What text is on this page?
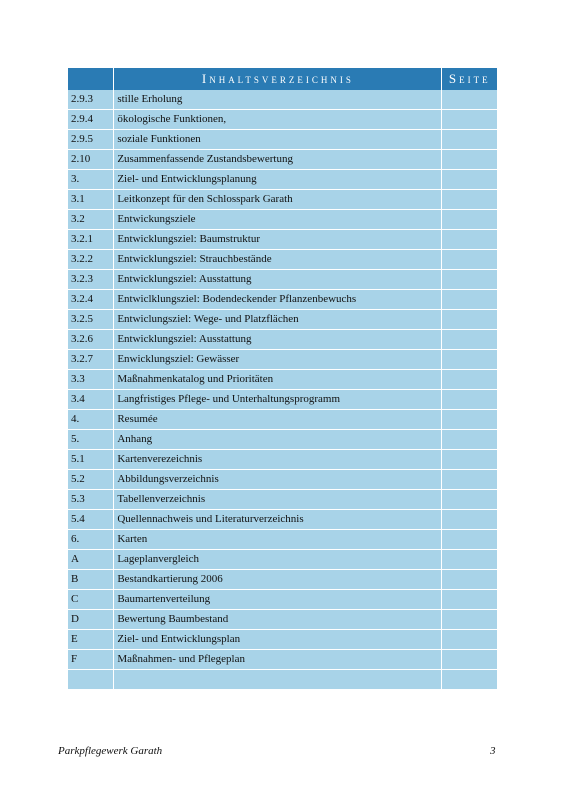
	Inhaltsverzeichnis	Seite
2.9.3	stille Erholung	
2.9.4	ökologische Funktionen,	
2.9.5	soziale Funktionen	
2.10	Zusammenfassende Zustandsbewertung	
3.	Ziel- und Entwicklungsplanung	
3.1	Leitkonzept für den Schlosspark Garath	
3.2	Entwickungsziele	
3.2.1	Entwicklungsziel: Baumstruktur	
3.2.2	Entwicklungsziel: Strauchbestände	
3.2.3	Entwicklungsziel: Ausstattung	
3.2.4	Entwiclklungsziel: Bodendeckender Pflanzenbewuchs	
3.2.5	Entwiclungsziel: Wege- und Platzflächen	
3.2.6	Entwicklungsziel: Ausstattung	
3.2.7	Enwicklungsziel: Gewässer	
3.3	Maßnahmenkatalog und Prioritäten	
3.4	Langfristiges Pflege- und Unterhaltungsprogramm	
4.	Resumée	
5.	Anhang	
5.1	Kartenverezeichnis	
5.2	Abbildungsverzeichnis	
5.3	Tabellenverzeichnis	
5.4	Quellennachweis und Literaturverzeichnis	
6.	Karten	
A	Lageplanvergleich	
B	Bestandkartierung 2006	
C	Baumartenverteilung	
D	Bewertung Baumbestand	
E	Ziel- und Entwicklungsplan	
F	Maßnahmen- und Pflegeplan	

Parkpflegewerk Garath	3
